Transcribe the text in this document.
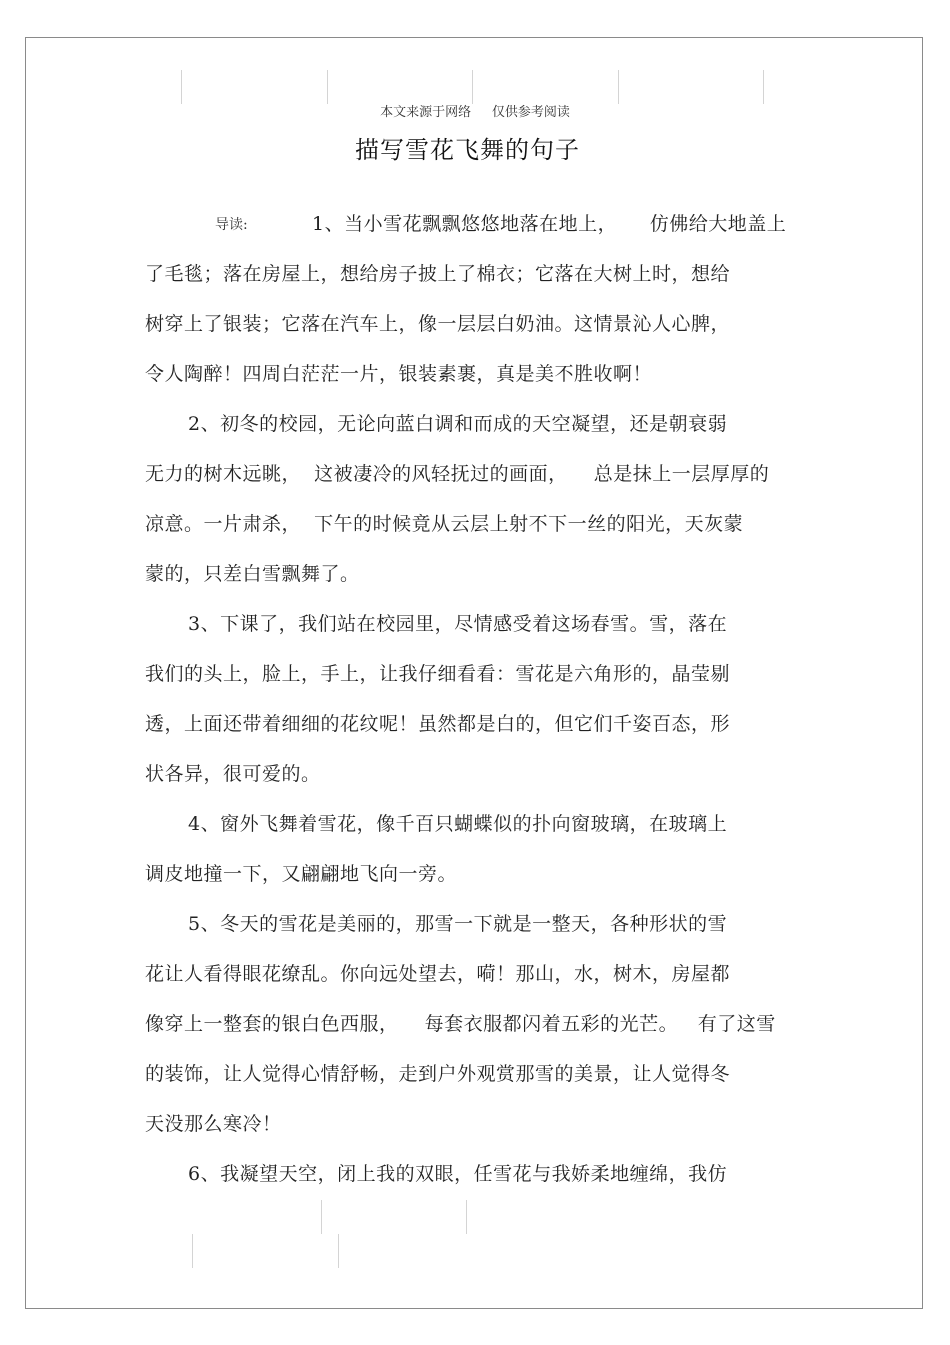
本文来源于网络     仅供参考阅读
描写雪花飞舞的句子
导读:	1、当小雪花飘飘悠悠地落在地上，     仿佛给大地盖上
了毛毯；落在房屋上，想给房子披上了棉衣；它落在大树上时，想给
树穿上了银装；它落在汽车上，像一层层白奶油。这情景沁人心脾，
令人陶醉！四周白茫茫一片，银装素裹，真是美不胜收啊！
2、初冬的校园，无论向蓝白调和而成的天空凝望，还是朝衰弱
无力的树木远眺，  这被凄冷的风轻抚过的画面，    总是抹上一层厚厚的
凉意。一片肃杀，  下午的时候竟从云层上射不下一丝的阳光，天灰蒙
蒙的，只差白雪飘舞了。
3、下课了，我们站在校园里，尽情感受着这场春雪。雪，落在
我们的头上，脸上，手上，让我仔细看看：雪花是六角形的，晶莹剔
透，上面还带着细细的花纹呢！虽然都是白的，但它们千姿百态，形
状各异，很可爱的。
4、窗外飞舞着雪花，像千百只蝴蝶似的扑向窗玻璃，在玻璃上
调皮地撞一下，又翩翩地飞向一旁。
5、冬天的雪花是美丽的，那雪一下就是一整天，各种形状的雪
花让人看得眼花缭乱。你向远处望去，嗬！那山，水，树木，房屋都
像穿上一整套的银白色西服，    每套衣服都闪着五彩的光芒。   有了这雪
的装饰，让人觉得心情舒畅，走到户外观赏那雪的美景，让人觉得冬
天没那么寒冷！
6、我凝望天空，闭上我的双眼，任雪花与我娇柔地缠绵，我仿
